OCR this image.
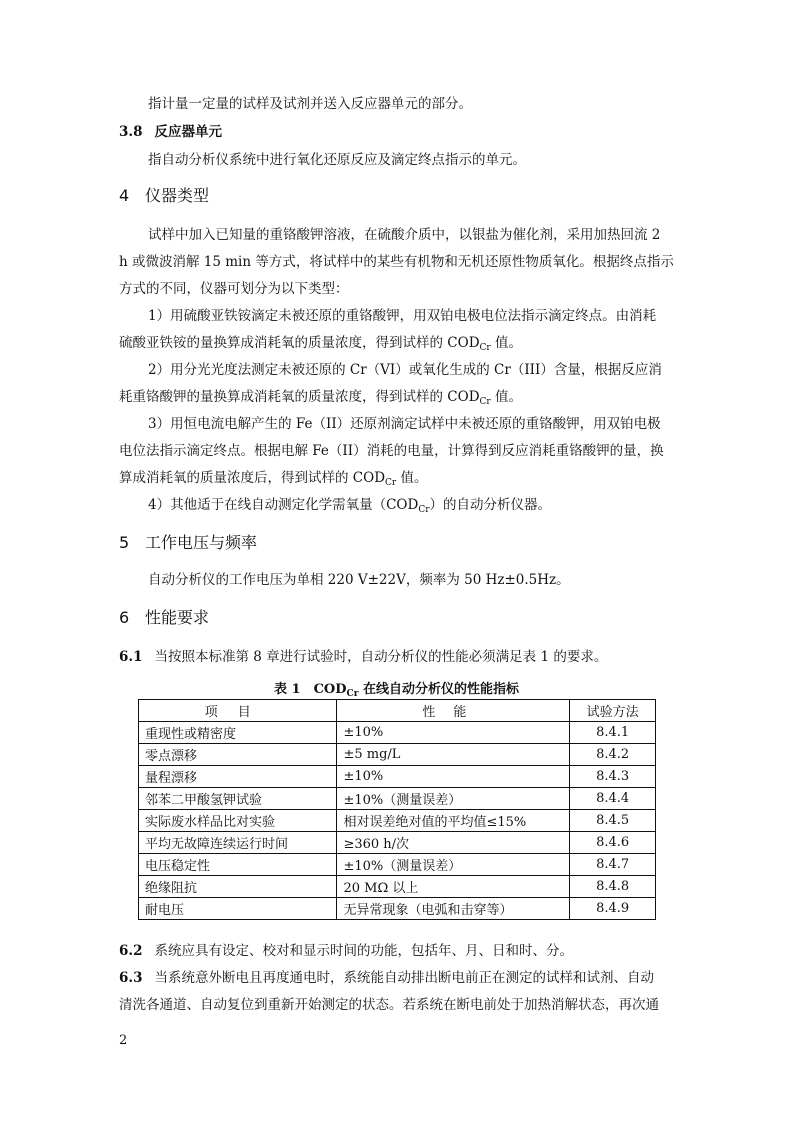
指计量一定量的试样及试剂并送入反应器单元的部分。
3.8 反应器单元
指自动分析仪系统中进行氧化还原反应及滴定终点指示的单元。
4 仪器类型
试样中加入已知量的重铬酸钾溶液，在硫酸介质中，以银盐为催化剂，采用加热回流 2
h 或微波消解 15 min 等方式，将试样中的某些有机物和无机还原性物质氧化。根据终点指示
方式的不同，仪器可划分为以下类型：
1）用硫酸亚铁铵滴定未被还原的重铬酸钾，用双铂电极电位法指示滴定终点。由消耗
硫酸亚铁铵的量换算成消耗氧的质量浓度，得到试样的 $COD_{Cr}$ 值。
2）用分光光度法测定未被还原的 Cr（VI）或氧化生成的 Cr（III）含量，根据反应消
耗重铬酸钾的量换算成消耗氧的质量浓度，得到试样的 $COD_{Cr}$ 值。
3）用恒电流电解产生的 Fe（II）还原剂滴定试样中未被还原的重铬酸钾，用双铂电极
电位法指示滴定终点。根据电解 Fe（II）消耗的电量，计算得到反应消耗重铬酸钾的量，换
算成消耗氧的质量浓度后，得到试样的 $COD_{Cr}$ 值。
4）其他适于在线自动测定化学需氧量$(COD_{Cr})$的自动分析仪器。
5 工作电压与频率
自动分析仪的工作电压为单相 220 V±22V，频率为 50 Hz±0.5Hz。
6 性能要求
6.1 当按照本标准第 8 章进行试验时，自动分析仪的性能必须满足表 1 的要求。
表 1　$COD_{Cr}$ 在线自动分析仪的性能指标
项目	性能	试验方法
重现性或精密度	±10%	8.4.1
零点漂移	±5 mg/L	8.4.2
量程漂移	±10%	8.4.3
邻苯二甲酸氢钾试验	±10%（测量误差）	8.4.4
实际废水样品比对实验	相对误差绝对值的平均值≤15%	8.4.5
平均无故障连续运行时间	≥360 h/次	8.4.6
电压稳定性	±10%（测量误差）	8.4.7
绝缘阻抗	20 MΩ 以上	8.4.8
耐电压	无异常现象（电弧和击穿等）	8.4.9
6.2 系统应具有设定、校对和显示时间的功能，包括年、月、日和时、分。
6.3 当系统意外断电且再度通电时，系统能自动排出断电前正在测定的试样和试剂、自动
清洗各通道、自动复位到重新开始测定的状态。若系统在断电前处于加热消解状态，再次通
2
